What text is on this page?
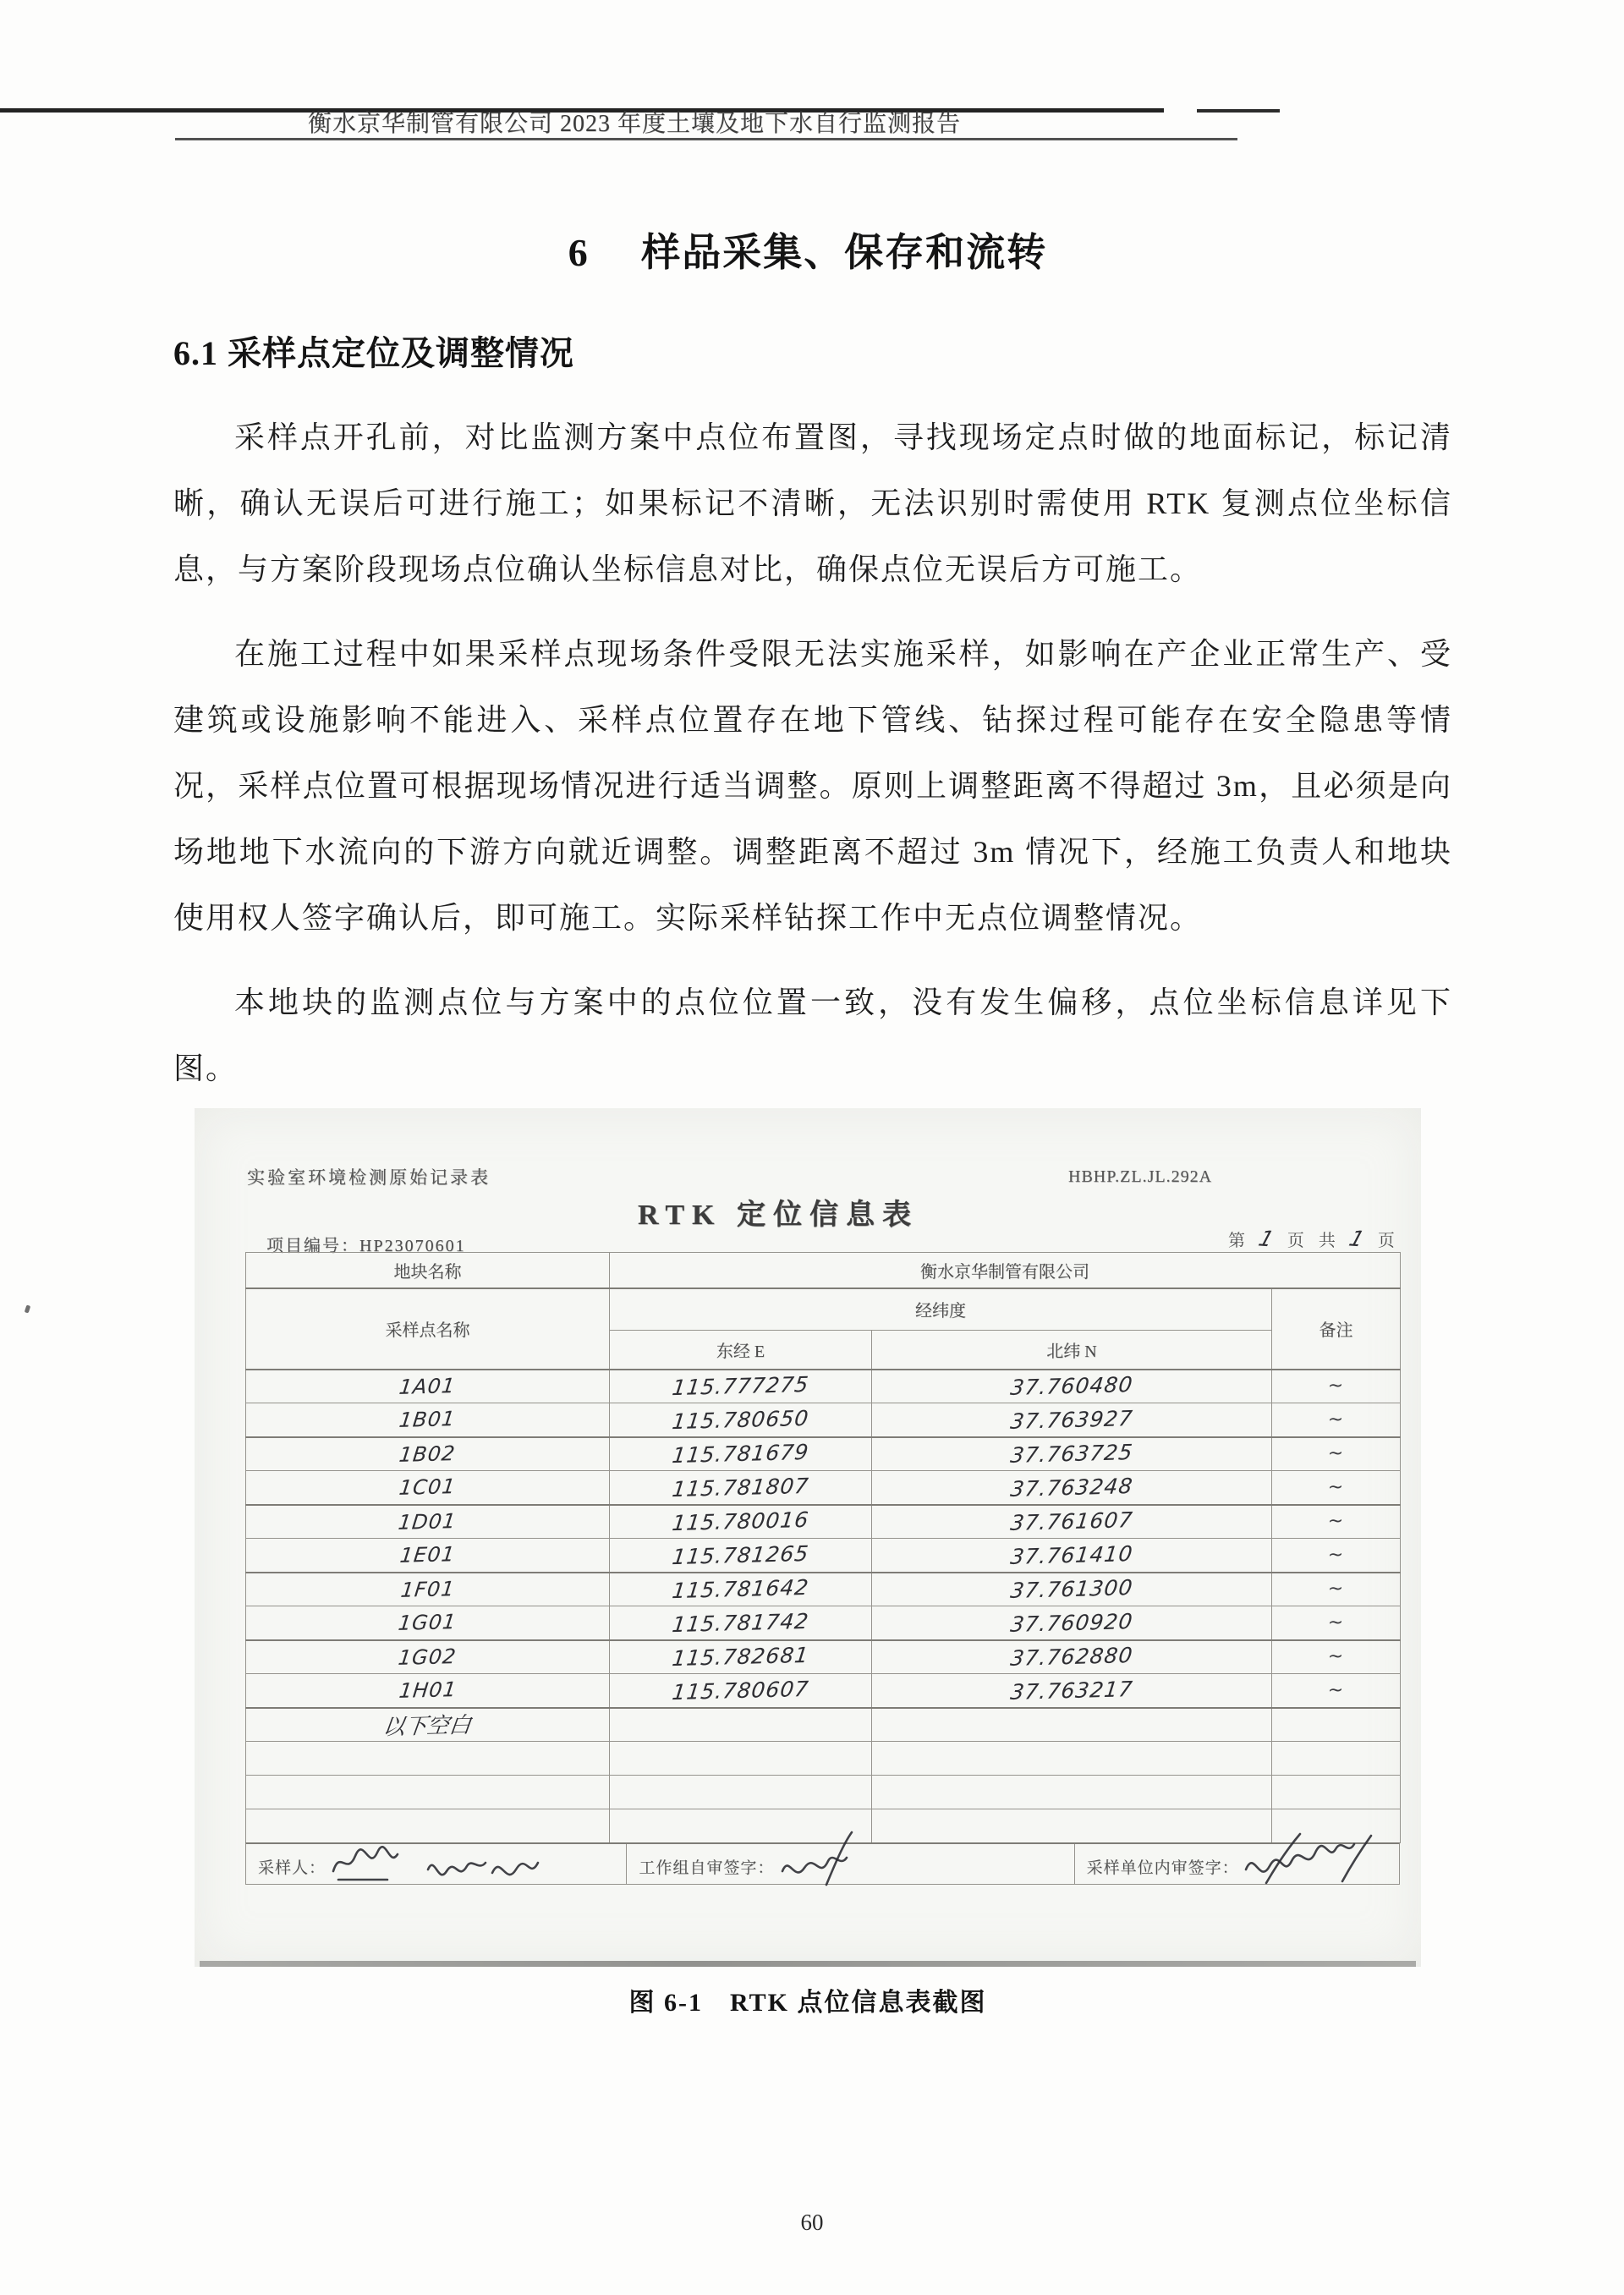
衡水京华制管有限公司 2023 年度土壤及地下水自行监测报告
6　 样品采集、保存和流转
6.1 采样点定位及调整情况

采样点开孔前，对比监测方案中点位布置图，寻找现场定点时做的地面标记，标记清晰，确认无误后可进行施工；如果标记不清晰，无法识别时需使用 RTK 复测点位坐标信息，与方案阶段现场点位确认坐标信息对比，确保点位无误后方可施工。

在施工过程中如果采样点现场条件受限无法实施采样，如影响在产企业正常生产、受建筑或设施影响不能进入、采样点位置存在地下管线、钻探过程可能存在安全隐患等情况，采样点位置可根据现场情况进行适当调整。原则上调整距离不得超过 3m，且必须是向场地地下水流向的下游方向就近调整。调整距离不超过 3m 情况下，经施工负责人和地块使用权人签字确认后，即可施工。实际采样钻探工作中无点位调整情况。

本地块的监测点位与方案中的点位位置一致，没有发生偏移，点位坐标信息详见下图。

实验室环境检测原始记录表	HBHP.ZL.JL.292A
RTK 定位信息表
项目编号：HP23070601	第 1 页 共 1 页
地块名称	衡水京华制管有限公司		
采样点名称	经纬度		备注
	东经 E	北纬 N	
1A01	115.777275	37.760480	~
1B01	115.780650	37.763927	~
1B02	115.781679	37.763725	~
1C01	115.781807	37.763248	~
1D01	115.780016	37.761607	~
1E01	115.781265	37.761410	~
1F01	115.781642	37.761300	~
1G01	115.781742	37.760920	~
1G02	115.782681	37.762880	~
1H01	115.780607	37.763217	~
以下空白			

采样人：	工作组自审签字：	采样单位内审签字：
图 6-1　RTK 点位信息表截图
60
